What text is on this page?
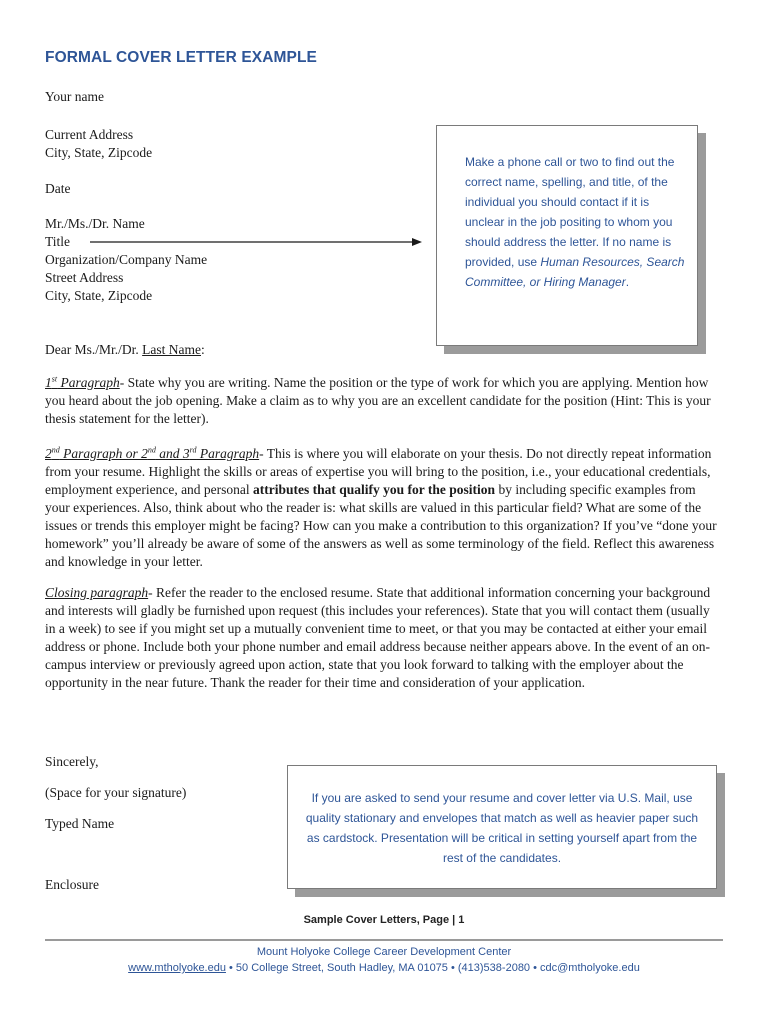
FORMAL COVER LETTER EXAMPLE
Your name
Current Address
City, State, Zipcode
Date
Mr./Ms./Dr. Name
Title
Organization/Company Name
Street Address
City, State, Zipcode
Dear Ms./Mr./Dr. Last Name:
1st Paragraph- State why you are writing. Name the position or the type of work for which you are applying. Mention how you heard about the job opening. Make a claim as to why you are an excellent candidate for the position (Hint: This is your thesis statement for the letter).
2nd Paragraph or 2nd and 3rd Paragraph- This is where you will elaborate on your thesis. Do not directly repeat information from your resume. Highlight the skills or areas of expertise you will bring to the position, i.e., your educational credentials, employment experience, and personal attributes that qualify you for the position by including specific examples from your experiences. Also, think about who the reader is: what skills are valued in this particular field? What are some of the issues or trends this employer might be facing? How can you make a contribution to this organization? If you’ve “done your homework” you’ll already be aware of some of the answers as well as some terminology of the field. Reflect this awareness and knowledge in your letter.
Closing paragraph- Refer the reader to the enclosed resume. State that additional information concerning your background and interests will gladly be furnished upon request (this includes your references). State that you will contact them (usually in a week) to see if you might set up a mutually convenient time to meet, or that you may be contacted at either your email address or phone. Include both your phone number and email address because neither appears above. In the event of an on-campus interview or previously agreed upon action, state that you look forward to talking with the employer about the opportunity in the near future. Thank the reader for their time and consideration of your application.
Sincerely,
(Space for your signature)
Typed Name
Enclosure
Make a phone call or two to find out the correct name, spelling, and title, of the individual you should contact if it is unclear in the job positing to whom you should address the letter. If no name is provided, use Human Resources, Search Committee, or Hiring Manager.
If you are asked to send your resume and cover letter via U.S. Mail, use quality stationary and envelopes that match as well as heavier paper such as cardstock. Presentation will be critical in setting yourself apart from the rest of the candidates.
Sample Cover Letters, Page | 1
Mount Holyoke College Career Development Center
www.mtholyoke.edu • 50 College Street, South Hadley, MA 01075 • (413)538-2080 • cdc@mtholyoke.edu
